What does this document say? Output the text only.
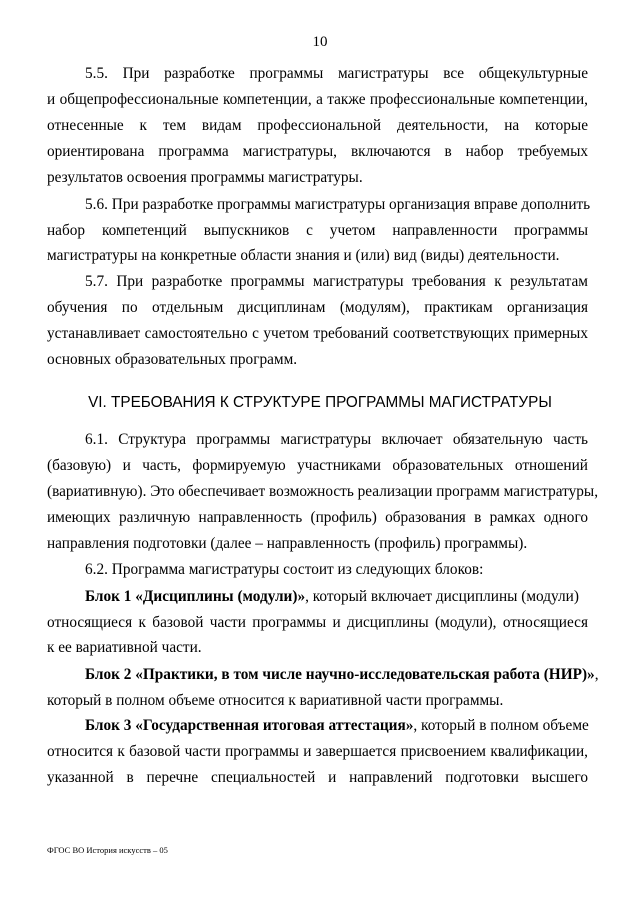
10
5.5. При разработке программы магистратуры все общекультурные
и общепрофессиональные компетенции, а также профессиональные компетенции,
отнесенные к тем видам профессиональной деятельности, на которые
ориентирована программа магистратуры, включаются в набор требуемых
результатов освоения программы магистратуры.
5.6. При разработке программы магистратуры организация вправе дополнить
набор компетенций выпускников с учетом направленности программы
магистратуры на конкретные области знания и (или) вид (виды) деятельности.
5.7. При разработке программы магистратуры требования к результатам
обучения по отдельным дисциплинам (модулям), практикам организация
устанавливает самостоятельно с учетом требований соответствующих примерных
основных образовательных программ.
VI. ТРЕБОВАНИЯ К СТРУКТУРЕ ПРОГРАММЫ МАГИСТРАТУРЫ
6.1. Структура программы магистратуры включает обязательную часть
(базовую) и часть, формируемую участниками образовательных отношений
(вариативную). Это обеспечивает возможность реализации программ магистратуры,
имеющих различную направленность (профиль) образования в рамках одного
направления подготовки (далее – направленность (профиль) программы).
6.2. Программа магистратуры состоит из следующих блоков:
Блок 1 «Дисциплины (модули)», который включает дисциплины (модули)
относящиеся к базовой части программы и дисциплины (модули), относящиеся
к ее вариативной части.
Блок 2 «Практики, в том числе научно-исследовательская работа (НИР)»,
который в полном объеме относится к вариативной части программы.
Блок 3 «Государственная итоговая аттестация», который в полном объеме
относится к базовой части программы и завершается присвоением квалификации,
указанной в перечне специальностей и направлений подготовки высшего
ФГОС ВО История искусств – 05
